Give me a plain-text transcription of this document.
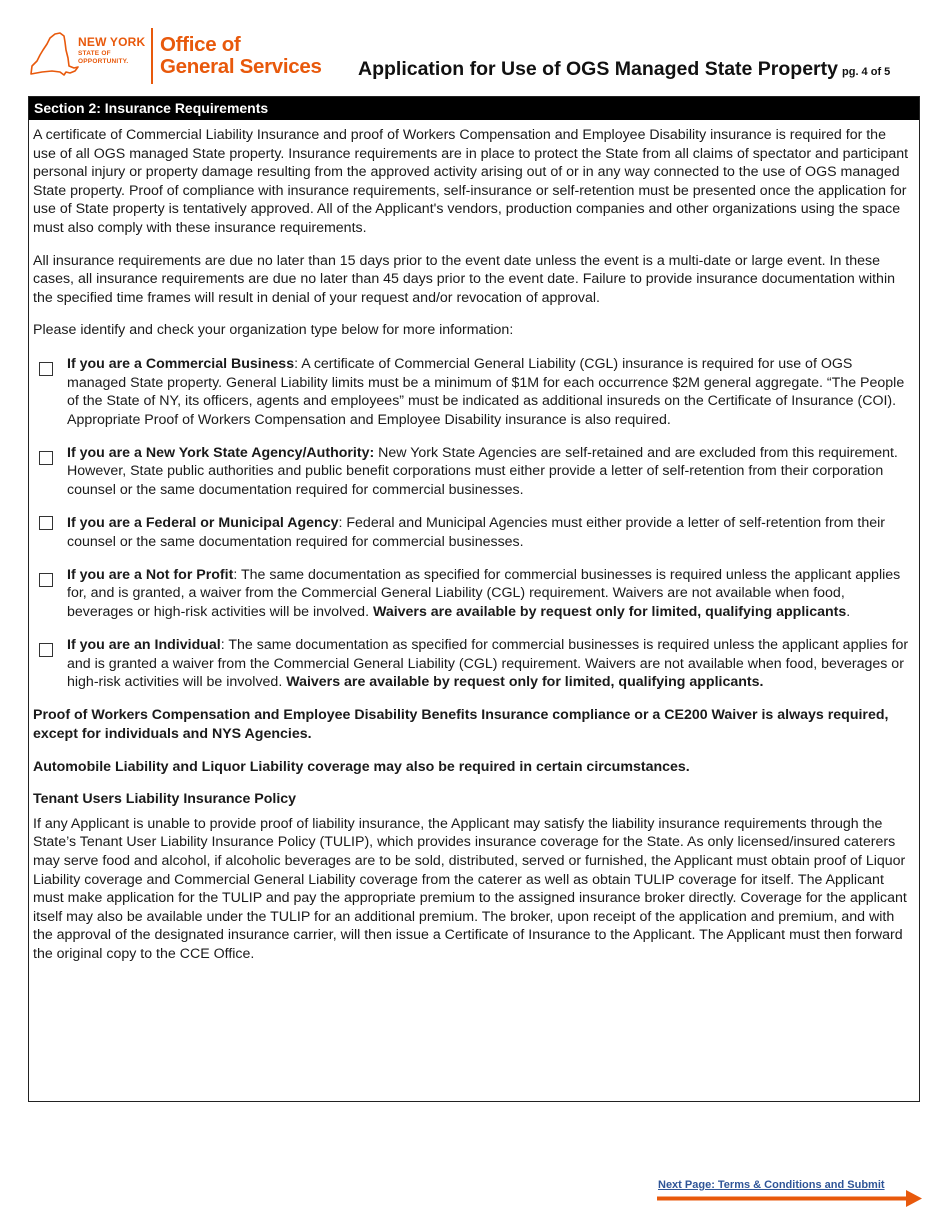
NEW YORK
STATE OF
OPPORTUNITY.
Office of
General Services Application for Use of OGS Managed State Property pg. 4 of 5
Section 2: Insurance Requirements

A certificate of Commercial Liability Insurance and proof of Workers Compensation and Employee Disability insurance is required for the use of all OGS managed State property. Insurance requirements are in place to protect the State from all claims of spectator and participant personal injury or property damage resulting from the approved activity arising out of or in any way connected to the use of OGS managed State property. Proof of compliance with insurance requirements, self-insurance or self-retention must be presented once the application for use of State property is tentatively approved. All of the Applicant's vendors, production companies and other organizations using the space must also comply with these insurance requirements.

All insurance requirements are due no later than 15 days prior to the event date unless the event is a multi-date or large event. In these cases, all insurance requirements are due no later than 45 days prior to the event date. Failure to provide insurance documentation within the specified time frames will result in denial of your request and/or revocation of approval.

Please identify and check your organization type below for more information:

If you are a Commercial Business: A certificate of Commercial General Liability (CGL) insurance is required for use of OGS managed State property. General Liability limits must be a minimum of $1M for each occurrence $2M general aggregate. “The People of the State of NY, its officers, agents and employees” must be indicated as additional insureds on the Certificate of Insurance (COI). Appropriate Proof of Workers Compensation and Employee Disability insurance is also required.
If you are a New York State Agency/Authority: New York State Agencies are self-retained and are excluded from this requirement. However, State public authorities and public benefit corporations must either provide a letter of self-retention from their corporation counsel or the same documentation required for commercial businesses.
If you are a Federal or Municipal Agency: Federal and Municipal Agencies must either provide a letter of self-retention from their counsel or the same documentation required for commercial businesses.
If you are a Not for Profit: The same documentation as specified for commercial businesses is required unless the applicant applies for, and is granted, a waiver from the Commercial General Liability (CGL) requirement. Waivers are not available when food, beverages or high-risk activities will be involved. Waivers are available by request only for limited, qualifying applicants.
If you are an Individual: The same documentation as specified for commercial businesses is required unless the applicant applies for and is granted a waiver from the Commercial General Liability (CGL) requirement. Waivers are not available when food, beverages or high-risk activities will be involved. Waivers are available by request only for limited, qualifying applicants.

Proof of Workers Compensation and Employee Disability Benefits Insurance compliance or a CE200 Waiver is always required, except for individuals and NYS Agencies.

Automobile Liability and Liquor Liability coverage may also be required in certain circumstances.

Tenant Users Liability Insurance Policy

If any Applicant is unable to provide proof of liability insurance, the Applicant may satisfy the liability insurance requirements through the State’s Tenant User Liability Insurance Policy (TULIP), which provides insurance coverage for the State. As only licensed/insured caterers may serve food and alcohol, if alcoholic beverages are to be sold, distributed, served or furnished, the Applicant must obtain proof of Liquor Liability coverage and Commercial General Liability coverage from the caterer as well as obtain TULIP coverage for itself. The Applicant must make application for the TULIP and pay the appropriate premium to the assigned insurance broker directly. Coverage for the applicant itself may also be available under the TULIP for an additional premium. The broker, upon receipt of the application and premium, and with the approval of the designated insurance carrier, will then issue a Certificate of Insurance to the Applicant. The Applicant must then forward the original copy to the CCE Office.

Next Page: Terms & Conditions and Submit
